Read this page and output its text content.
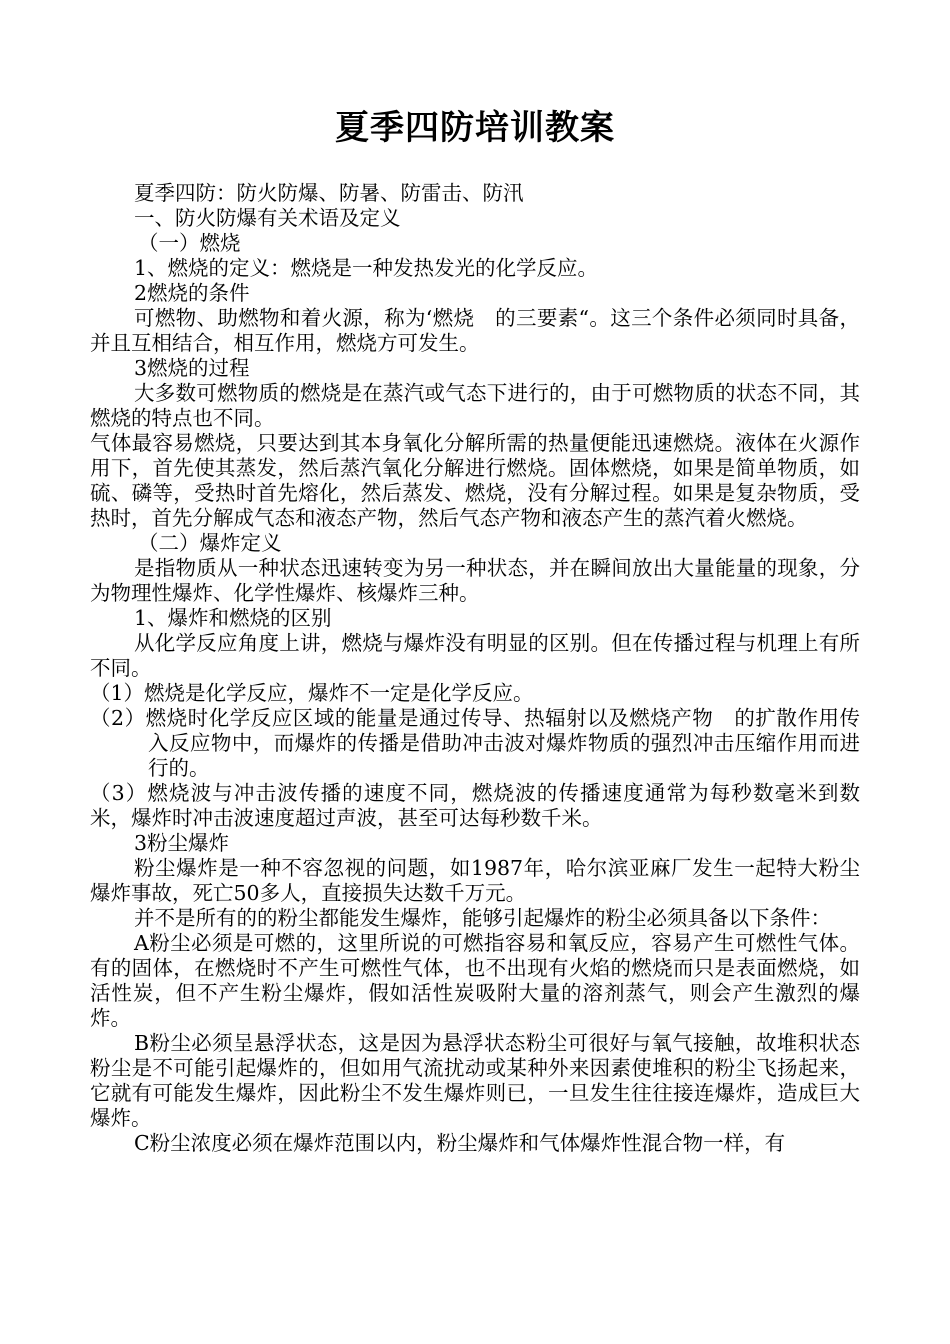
夏季四防培训教案

夏季四防：防火防爆、防暑、防雷击、防汛

一、防火防爆有关术语及定义

（一）燃烧

1、燃烧的定义：燃烧是一种发热发光的化学反应。

2燃烧的条件

可燃物、助燃物和着火源，称为‘燃烧　的三要素“。这三个条件必须同时具备，并且互相结合，相互作用，燃烧方可发生。

3燃烧的过程

大多数可燃物质的燃烧是在蒸汽或气态下进行的，由于可燃物质的状态不同，其燃烧的特点也不同。

气体最容易燃烧，只要达到其本身氧化分解所需的热量便能迅速燃烧。液体在火源作用下，首先使其蒸发，然后蒸汽氧化分解进行燃烧。固体燃烧，如果是简单物质，如硫、磷等，受热时首先熔化，然后蒸发、燃烧，没有分解过程。如果是复杂物质，受热时，首先分解成气态和液态产物，然后气态产物和液态产生的蒸汽着火燃烧。

（二）爆炸定义

是指物质从一种状态迅速转变为另一种状态，并在瞬间放出大量能量的现象，分为物理性爆炸、化学性爆炸、核爆炸三种。

1、爆炸和燃烧的区别

从化学反应角度上讲，燃烧与爆炸没有明显的区别。但在传播过程与机理上有所不同。

（1）燃烧是化学反应，爆炸不一定是化学反应。

（2）燃烧时化学反应区域的能量是通过传导、热辐射以及燃烧产物　的扩散作用传入反应物中，而爆炸的传播是借助冲击波对爆炸物质的强烈冲击压缩作用而进行的。

（3）燃烧波与冲击波传播的速度不同，燃烧波的传播速度通常为每秒数毫米到数米，爆炸时冲击波速度超过声波，甚至可达每秒数千米。

3粉尘爆炸

粉尘爆炸是一种不容忽视的问题，如1987年，哈尔滨亚麻厂发生一起特大粉尘爆炸事故，死亡50多人，直接损失达数千万元。

并不是所有的的粉尘都能发生爆炸，能够引起爆炸的粉尘必须具备以下条件：

A粉尘必须是可燃的，这里所说的可燃指容易和氧反应，容易产生可燃性气体。有的固体，在燃烧时不产生可燃性气体，也不出现有火焰的燃烧而只是表面燃烧，如活性炭，但不产生粉尘爆炸，假如活性炭吸附大量的溶剂蒸气，则会产生激烈的爆炸。

B粉尘必须呈悬浮状态，这是因为悬浮状态粉尘可很好与氧气接触，故堆积状态粉尘是不可能引起爆炸的，但如用气流扰动或某种外来因素使堆积的粉尘飞扬起来，它就有可能发生爆炸，因此粉尘不发生爆炸则已，一旦发生往往接连爆炸，造成巨大爆炸。

C粉尘浓度必须在爆炸范围以内，粉尘爆炸和气体爆炸性混合物一样，有
